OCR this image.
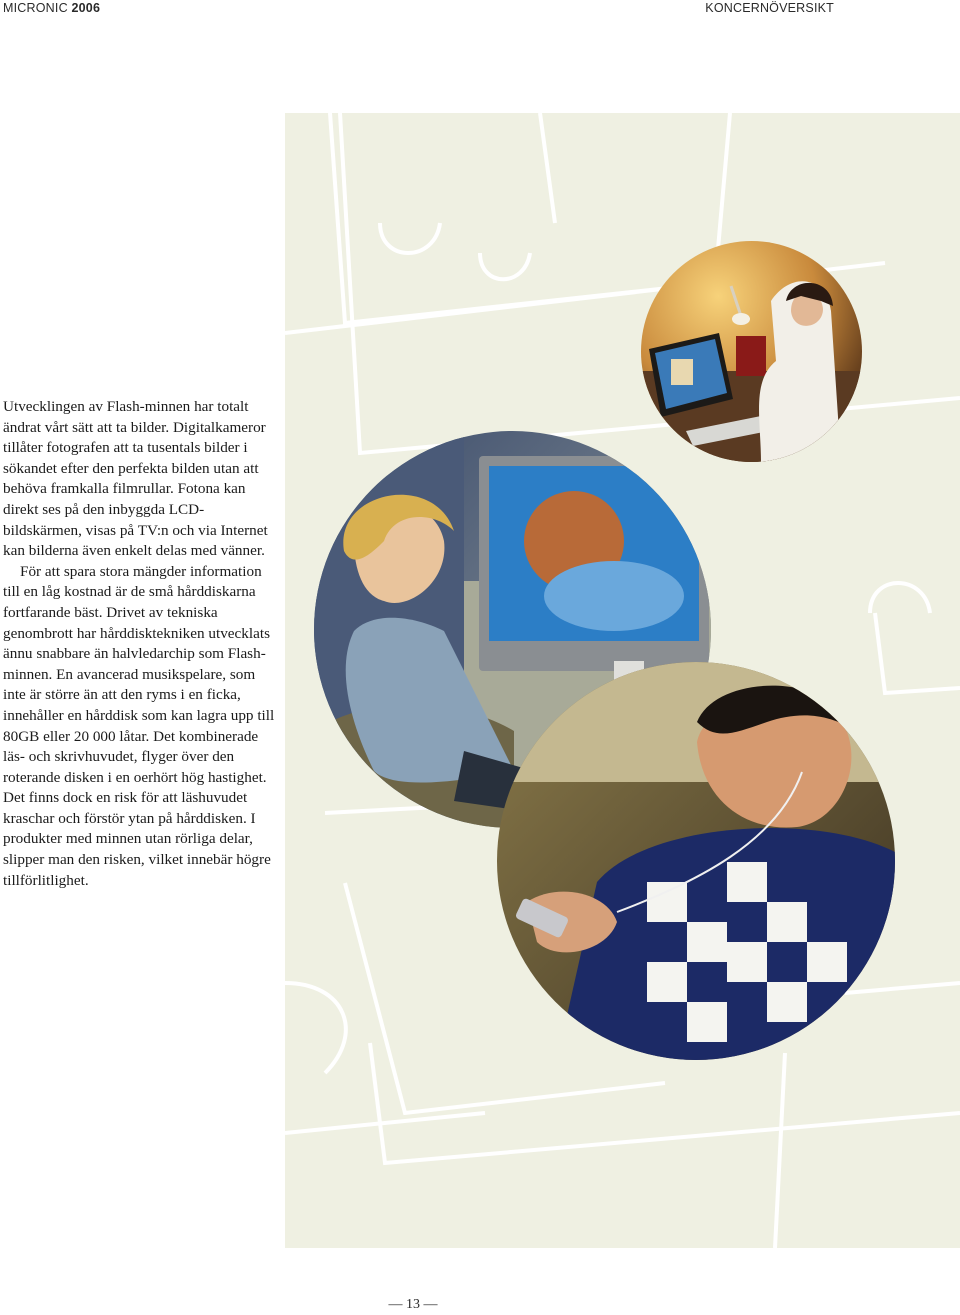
MICRONIC 2006	KONCERNÖVERSIKT

Utvecklingen av Flash-minnen har totalt ändrat vårt sätt att ta bilder. Digitalkameror tillåter fotografen att ta tusentals bilder i sökandet efter den perfekta bilden utan att behöva framkalla filmrullar. Fotona kan direkt ses på den inbyggda LCD-bildskärmen, visas på TV:n och via Internet kan bilderna även enkelt delas med vänner.

För att spara stora mängder information till en låg kostnad är de små hårddiskarna fortfarande bäst. Drivet av tekniska genombrott har hårddisktekniken utvecklats ännu snabbare än halvledarchip som Flash-minnen. En avancerad musikspelare, som inte är större än att den ryms i en ficka, innehåller en hårddisk som kan lagra upp till 80GB eller 20 000 låtar. Det kombinerade läs- och skrivhuvudet, flyger över den roterande disken i en oerhört hög hastighet. Det finns dock en risk för att läshuvudet kraschar och förstör ytan på hårddisken. I produkter med minnen utan rörliga delar, slipper man den risken, vilket innebär högre tillförlitlighet.

— 13 —
